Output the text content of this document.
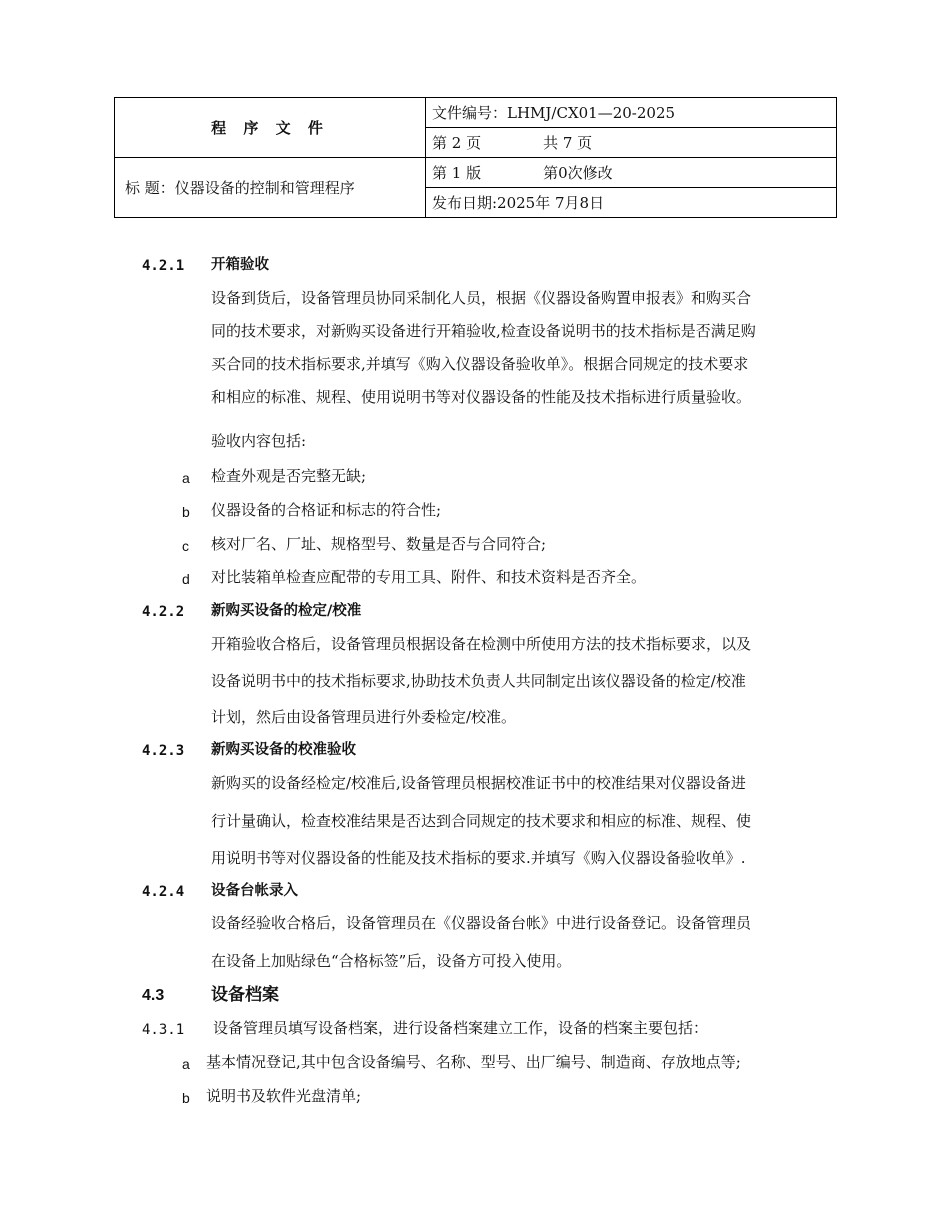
程 序 文 件	文件编号：LHMJ/CX01—20-2025
	第 2 页 共 7 页
标 题：仪器设备的控制和管理程序	第 1 版 第0次修改
	发布日期:2025年 7月8日
4.2.1 开箱验收
设备到货后，设备管理员协同采制化人员，根据《仪器设备购置申报表》和购买合
同的技术要求，对新购买设备进行开箱验收,检查设备说明书的技术指标是否满足购
买合同的技术指标要求,并填写《购入仪器设备验收单》。根据合同规定的技术要求
和相应的标准、规程、使用说明书等对仪器设备的性能及技术指标进行质量验收。
验收内容包括:
a 检查外观是否完整无缺;
b 仪器设备的合格证和标志的符合性;
c 核对厂名、厂址、规格型号、数量是否与合同符合;
d 对比装箱单检查应配带的专用工具、附件、和技术资料是否齐全。
4.2.2 新购买设备的检定/校准
开箱验收合格后，设备管理员根据设备在检测中所使用方法的技术指标要求，以及
设备说明书中的技术指标要求,协助技术负责人共同制定出该仪器设备的检定/校准
计划，然后由设备管理员进行外委检定/校准。
4.2.3 新购买设备的校准验收
新购买的设备经检定/校准后,设备管理员根据校准证书中的校准结果对仪器设备进
行计量确认，检查校准结果是否达到合同规定的技术要求和相应的标准、规程、使
用说明书等对仪器设备的性能及技术指标的要求.并填写《购入仪器设备验收单》.
4.2.4 设备台帐录入
设备经验收合格后，设备管理员在《仪器设备台帐》中进行设备登记。设备管理员
在设备上加贴绿色“合格标签”后，设备方可投入使用。
4.3	设备档案
4.3.1 设备管理员填写设备档案，进行设备档案建立工作，设备的档案主要包括：
a 基本情况登记,其中包含设备编号、名称、型号、出厂编号、制造商、存放地点等;
b 说明书及软件光盘清单;
